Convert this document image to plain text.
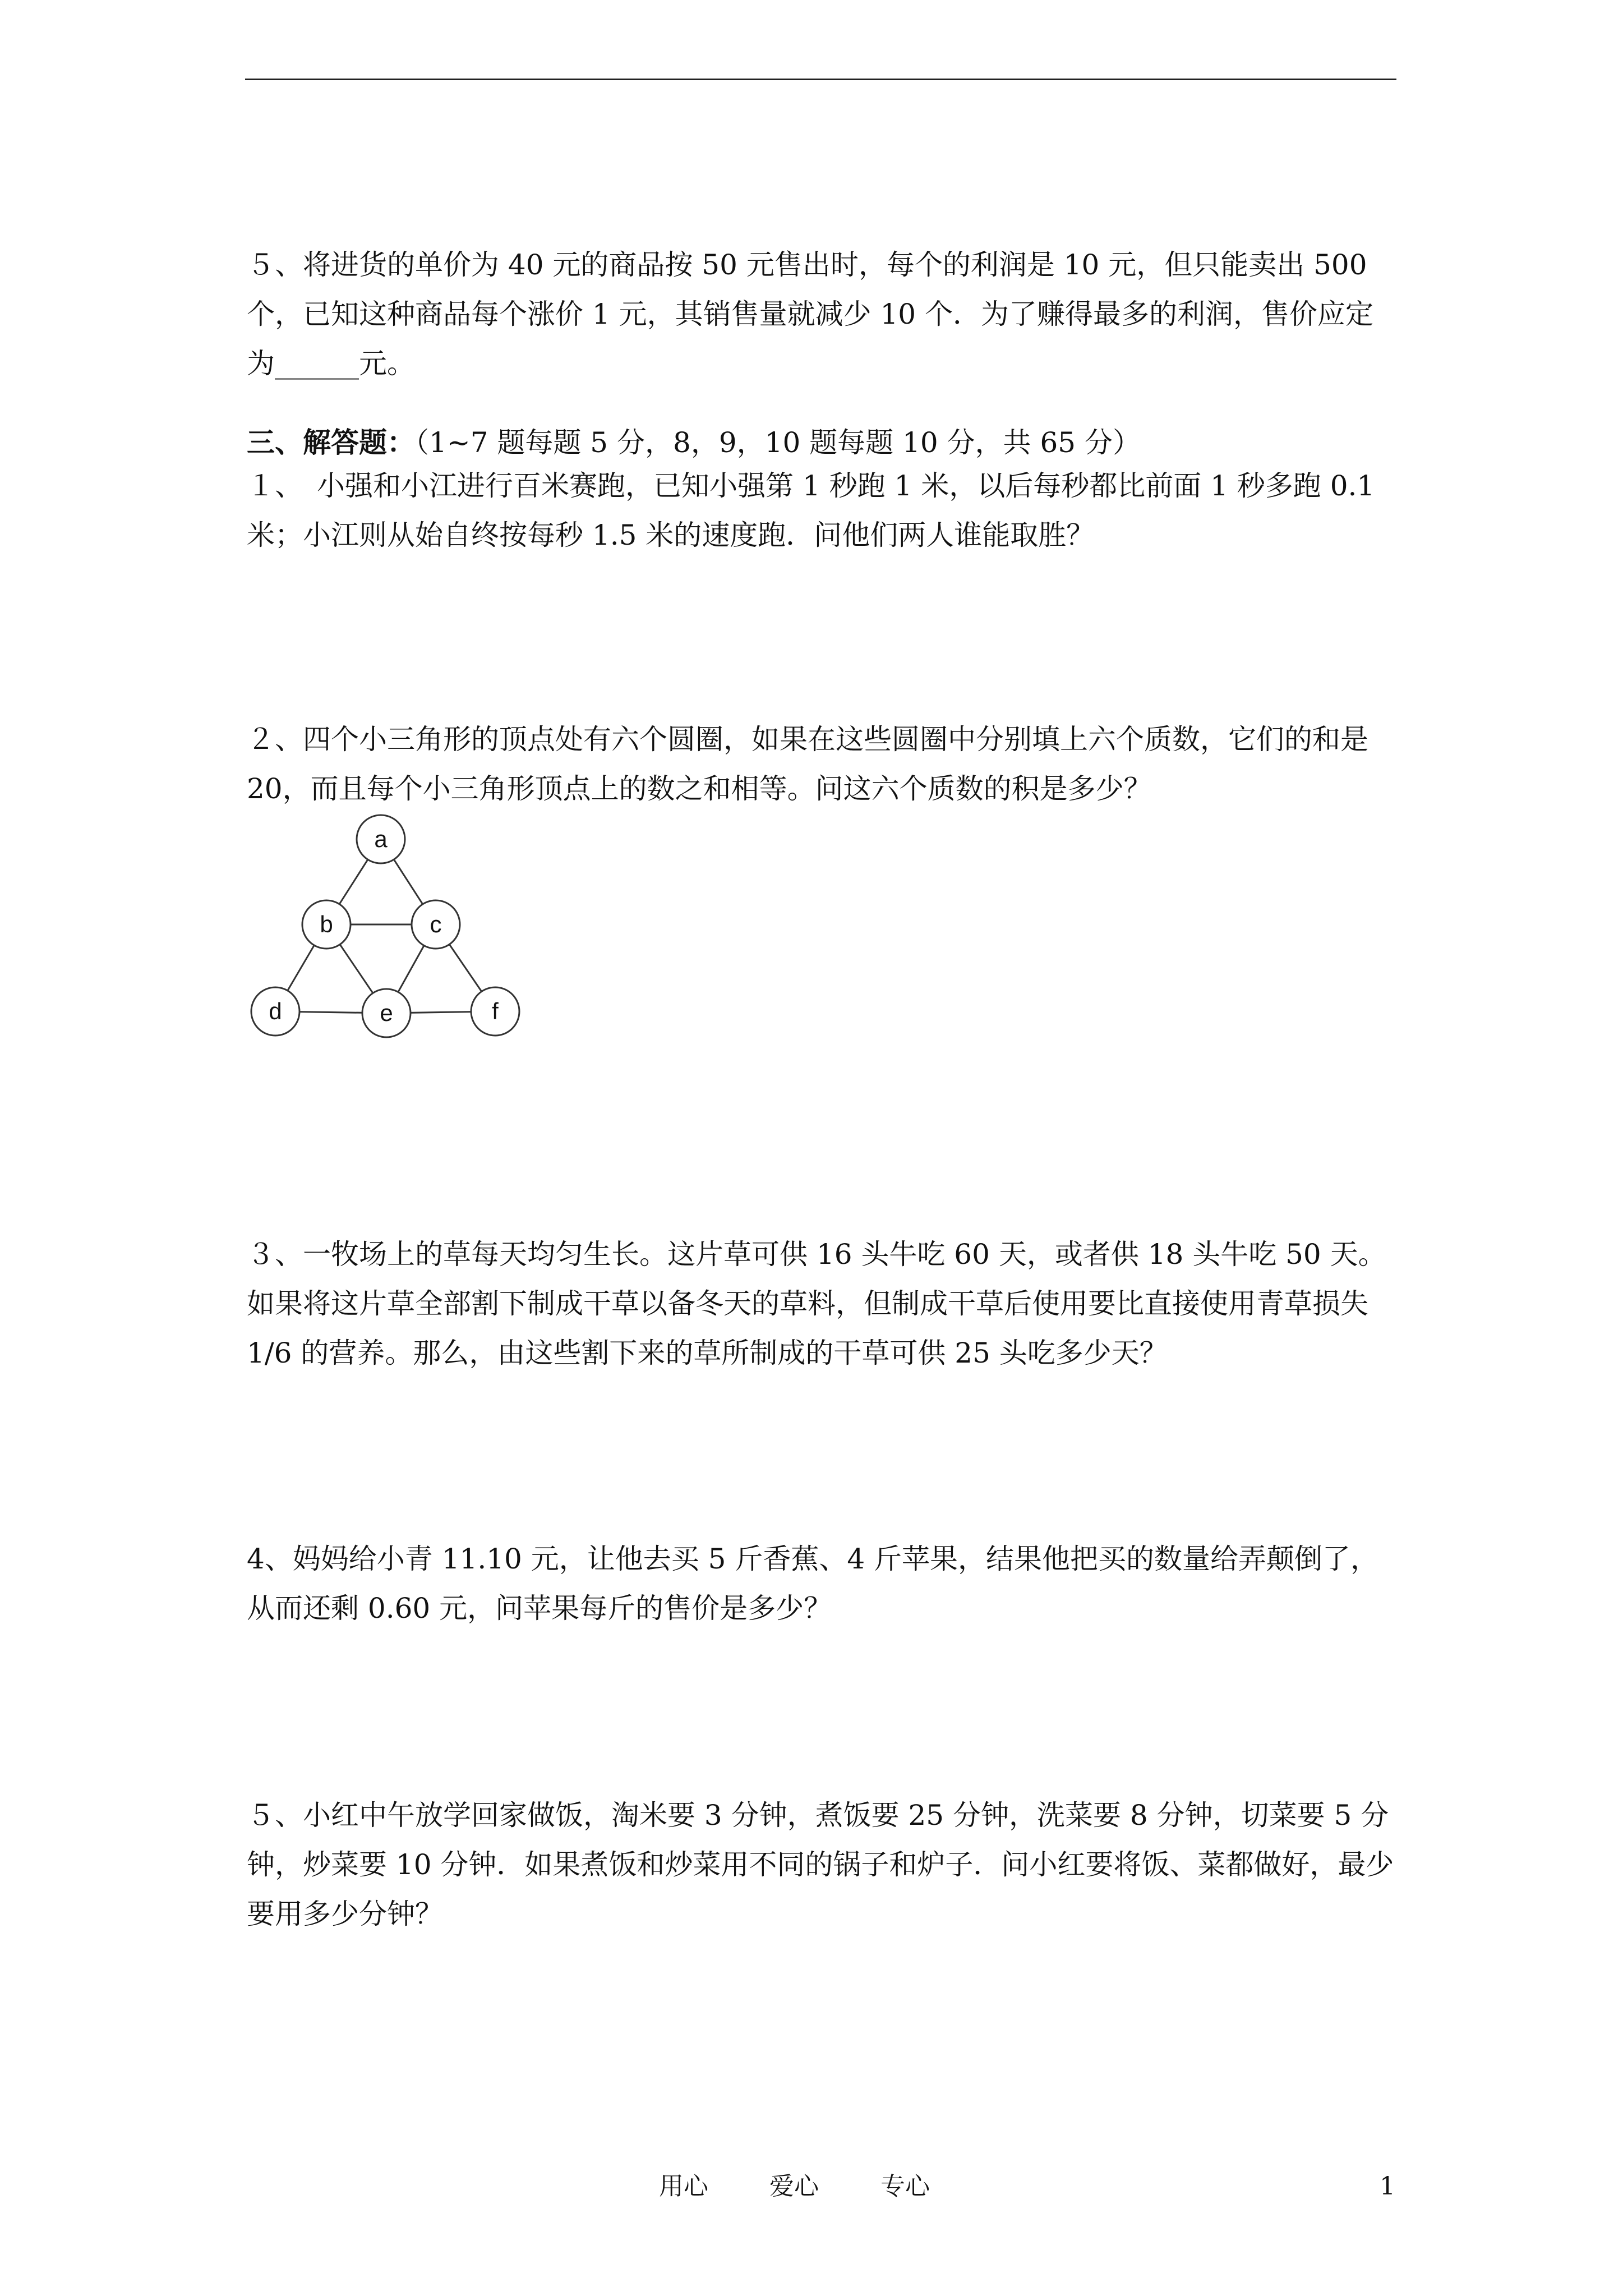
５、将进货的单价为 40 元的商品按 50 元售出时，每个的利润是 10 元，但只能卖出 500 个，已知这种商品每个涨价 1 元，其销售量就减少 10 个．为了赚得最多的利润，售价应定为______元。
三、解答题：（1~7 题每题 5 分，8，9，10 题每题 10 分，共 65 分）
１、　小强和小江进行百米赛跑，已知小强第 1 秒跑 1 米，以后每秒都比前面 1 秒多跑 0.1 米；小江则从始自终按每秒 1.5 米的速度跑．问他们两人谁能取胜？
２、四个小三角形的顶点处有六个圆圈，如果在这些圆圈中分别填上六个质数，它们的和是 20，而且每个小三角形顶点上的数之和相等。问这六个质数的积是多少？
a
b	c
d	e	f
３、一牧场上的草每天均匀生长。这片草可供 16 头牛吃 60 天，或者供 18 头牛吃 50 天。如果将这片草全部割下制成干草以备冬天的草料，但制成干草后使用要比直接使用青草损失 1/6 的营养。那么，由这些割下来的草所制成的干草可供 25 头吃多少天？
4、妈妈给小青 11.10 元，让他去买 5 斤香蕉、4 斤苹果，结果他把买的数量给弄颠倒了，从而还剩 0.60 元，问苹果每斤的售价是多少？
５、小红中午放学回家做饭，淘米要 3 分钟，煮饭要 25 分钟，洗菜要 8 分钟，切菜要 5 分钟，炒菜要 10 分钟．如果煮饭和炒菜用不同的锅子和炉子．问小红要将饭、菜都做好，最少要用多少分钟？
用心 爱心	专心	1
